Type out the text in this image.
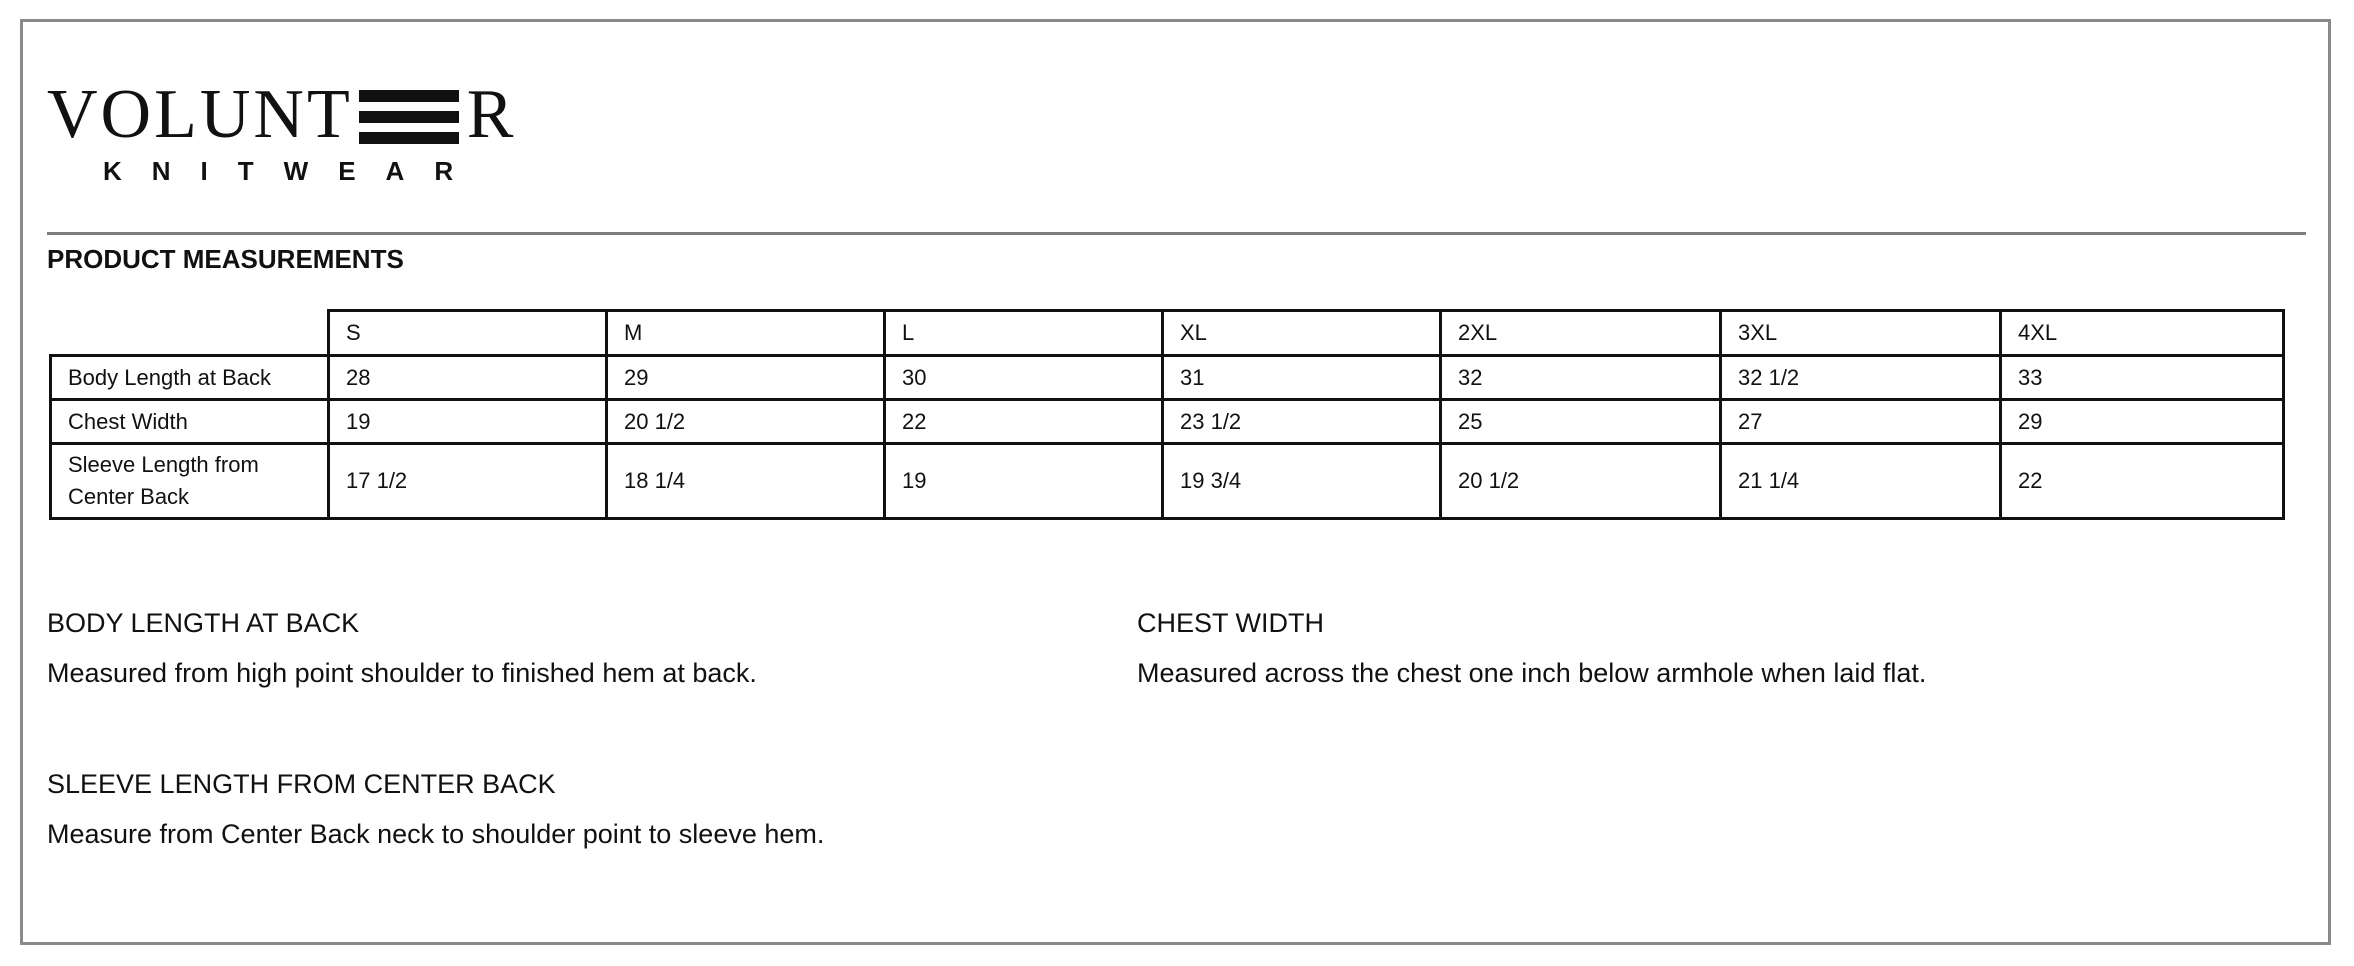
VOLUNT R
KNITWEAR
PRODUCT MEASUREMENTS
	S	M	L	XL	2XL	3XL	4XL
Body Length at Back	28	29	30	31	32	32 1/2	33
Chest Width	19	20 1/2	22	23 1/2	25	27	29
Sleeve Length from
Center Back	17 1/2	18 1/4	19	19 3/4	20 1/2	21 1/4	22
BODY LENGTH AT BACK
Measured from high point shoulder to finished hem at back.
CHEST WIDTH
Measured across the chest one inch below armhole when laid flat.
SLEEVE LENGTH FROM CENTER BACK
Measure from Center Back neck to shoulder point to sleeve hem.
